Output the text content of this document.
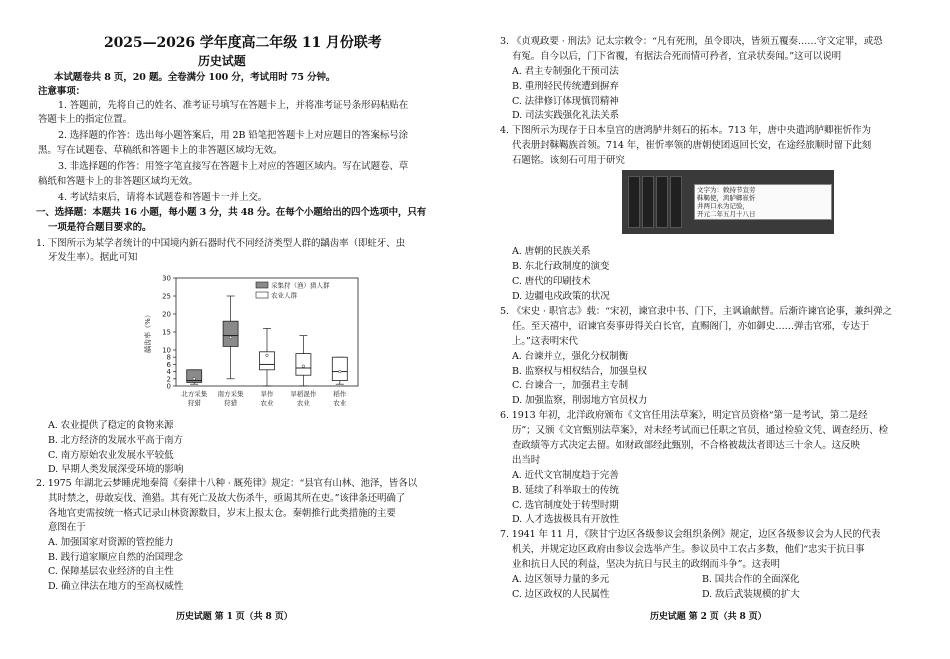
2025—2026 学年度高二年级 11 月份联考
历史试题
本试题卷共 8 页，20 题。全卷满分 100 分，考试用时 75 分钟。
注意事项：
1. 答题前，先将自己的姓名、准考证号填写在答题卡上，并将准考证号条形码粘贴在
答题卡上的指定位置。
2. 选择题的作答：选出每小题答案后，用 2B 铅笔把答题卡上对应题目的答案标号涂
黑。写在试题卷、草稿纸和答题卡上的非答题区域均无效。
3. 非选择题的作答：用签字笔直接写在答题卡上对应的答题区域内。写在试题卷、草
稿纸和答题卡上的非答题区域均无效。
4. 考试结束后，请将本试题卷和答题卡一并上交。
一、选择题：本题共 16 小题，每小题 3 分，共 48 分。在每个小题给出的四个选项中，只有
一项是符合题目要求的。
1. 下图所示为某学者统计的中国境内新石器时代不同经济类型人群的龋齿率（即蛀牙、虫
牙发生率）。据此可知
A. 农业提供了稳定的食物来源
B. 北方经济的发展水平高于南方
C. 南方原始农业发展水平较低
D. 早期人类发展深受环境的影响
2. 1975 年湖北云梦睡虎地秦简《秦律十八种 · 厩苑律》规定：“县官有山林、池泽，皆各以
其时禁之，毋敢妄伐、渔猎。其有死亡及故大伤杀牛，亟谒其所在吏。”该律条还明确了
各地官吏需按统一格式记录山林资源数目，岁末上报太仓。秦朝推行此类措施的主要
意图在于
A. 加强国家对资源的管控能力
B. 践行道家顺应自然的治国理念
C. 保障基层农业经济的自主性
D. 确立律法在地方的至高权威性
历史试题 第 1 页（共 8 页）
0
2
4
6
8
10
15
20
25
30
龋齿率（%）
北方采集
狩猎
南方采集
狩猎
旱作
农业
旱稻混作
农业
稻作
农业
采集狩（渔）猎人群
农业人群
3. 《贞观政要 · 刑法》记太宗敕令：“凡有死刑，虽令即决，皆须五覆奏……守文定罪，或恐
有冤。自今以后，门下省覆，有据法合死而情可矜者，宜录状奏闻。”这可以说明
A. 君主专制强化干预司法
B. 重刑轻民传统遭到摒弃
C. 法律修订体现慎罚精神
D. 司法实践强化礼法关系
4. 下图所示为现存于日本皇宫的唐鸿胪井刻石的拓本。713 年，唐中央遣鸿胪卿崔忻作为
代表册封靺鞨族首领。714 年，崔忻率领的唐朝使团返回长安，在途经旅顺时留下此刻
石题铭。该刻石可用于研究
A. 唐朝的民族关系
B. 东北行政制度的演变
C. 唐代的印刷技术
D. 边疆电戍政策的状况
5. 《宋史 · 职官志》载：“宋初，谏官隶中书、门下，主讽谕献替。后渐许谏官论事，兼纠弹之
任。至天禧中，诏谏官奏事毋得关白长官，直赐阁门，亦如御史……弹击官邪，专达于
上。”这表明宋代
A. 台谏并立，强化分权制衡
B. 监察权与相权结合，加强皇权
C. 台谏合一，加强君主专制
D. 加强监察，削弱地方官员权力
6. 1913 年初，北洋政府颁布《文官任用法草案》，明定官员资格“第一是考试，第二是经
历”；又颁《文官甄别法草案》，对未经考试而已任职之官员，通过检验文凭、调查经历、检
查政绩等方式决定去留。如财政部经此甄别，不合格被裁汰者即达三十余人。这反映
出当时
A. 近代文官制度趋于完善
B. 延续了科举取士的传统
C. 选官制度处于转型时期
D. 人才选拔极具有开放性
7. 1941 年 11 月，《陕甘宁边区各级参议会组织条例》规定，边区各级参议会为人民的代表
机关，并规定边区政府由参议会选举产生。参议员中工农占多数，他们“忠实于抗日事
业和抗日人民的利益，坚决为抗日与民主的政纲而斗争”。这表明
A. 边区领导力量的多元	B. 国共合作的全面深化
C. 边区政权的人民属性	D. 敌后武装规模的扩大
历史试题 第 2 页（共 8 页）
文字为：敕持节宣劳
靺鞨使，鸿胪卿崔忻
井两口永为记验，
开元二年五月十八日
